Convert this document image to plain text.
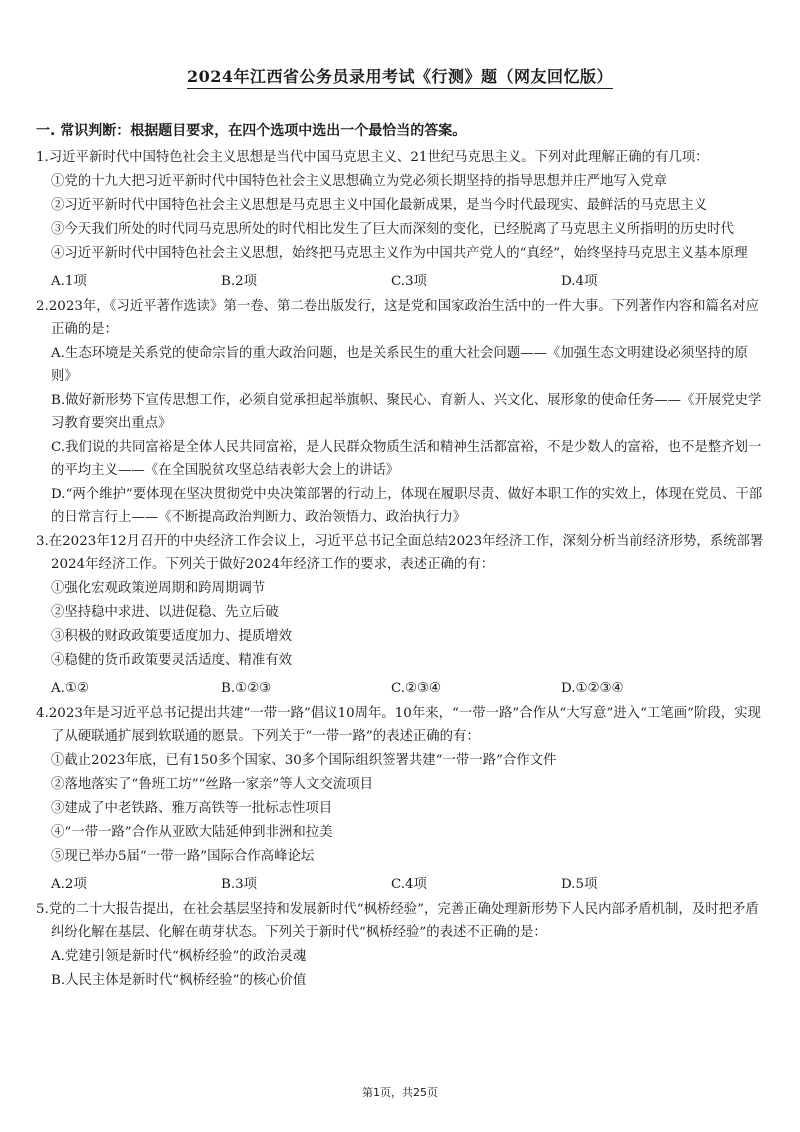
2024年江西省公务员录用考试《行测》题（网友回忆版）
一. 常识判断：根据题目要求，在四个选项中选出一个最恰当的答案。

1.习近平新时代中国特色社会主义思想是当代中国马克思主义、21世纪马克思主义。下列对此理解正确的有几项：

①党的十九大把习近平新时代中国特色社会主义思想确立为党必须长期坚持的指导思想并庄严地写入党章

②习近平新时代中国特色社会主义思想是马克思主义中国化最新成果，是当今时代最现实、最鲜活的马克思主义

③今天我们所处的时代同马克思所处的时代相比发生了巨大而深刻的变化，已经脱离了马克思主义所指明的历史时代

④习近平新时代中国特色社会主义思想，始终把马克思主义作为中国共产党人的“真经”，始终坚持马克思主义基本原理

A.1项	B.2项	C.3项	D.4项

2.2023年，《习近平著作选读》第一卷、第二卷出版发行，这是党和国家政治生活中的一件大事。下列著作内容和篇名对应正确的是：

A.生态环境是关系党的使命宗旨的重大政治问题，也是关系民生的重大社会问题——《加强生态文明建设必须坚持的原则》

B.做好新形势下宣传思想工作，必须自觉承担起举旗帜、聚民心、育新人、兴文化、展形象的使命任务——《开展党史学习教育要突出重点》

C.我们说的共同富裕是全体人民共同富裕，是人民群众物质生活和精神生活都富裕，不是少数人的富裕，也不是整齐划一的平均主义——《在全国脱贫攻坚总结表彰大会上的讲话》

D.“两个维护”要体现在坚决贯彻党中央决策部署的行动上，体现在履职尽责、做好本职工作的实效上，体现在党员、干部的日常言行上——《不断提高政治判断力、政治领悟力、政治执行力》

3.在2023年12月召开的中央经济工作会议上，习近平总书记全面总结2023年经济工作，深刻分析当前经济形势，系统部署2024年经济工作。下列关于做好2024年经济工作的要求，表述正确的有：

①强化宏观政策逆周期和跨周期调节

②坚持稳中求进、以进促稳、先立后破

③积极的财政政策要适度加力、提质增效

④稳健的货币政策要灵活适度、精准有效

A.①②	B.①②③	C.②③④	D.①②③④

4.2023年是习近平总书记提出共建“一带一路”倡议10周年。10年来，“一带一路”合作从“大写意”进入“工笔画”阶段，实现了从硬联通扩展到软联通的愿景。下列关于“一带一路”的表述正确的有：

①截止2023年底，已有150多个国家、30多个国际组织签署共建“一带一路”合作文件

②落地落实了“鲁班工坊”“丝路一家亲”等人文交流项目

③建成了中老铁路、雅万高铁等一批标志性项目

④“一带一路”合作从亚欧大陆延伸到非洲和拉美

⑤现已举办5届“一带一路”国际合作高峰论坛

A.2项	B.3项	C.4项	D.5项

5.党的二十大报告提出，在社会基层坚持和发展新时代“枫桥经验”，完善正确处理新形势下人民内部矛盾机制，及时把矛盾纠纷化解在基层、化解在萌芽状态。下列关于新时代“枫桥经验”的表述不正确的是：

A.党建引领是新时代“枫桥经验”的政治灵魂

B.人民主体是新时代“枫桥经验”的核心价值

第1页，共25页
